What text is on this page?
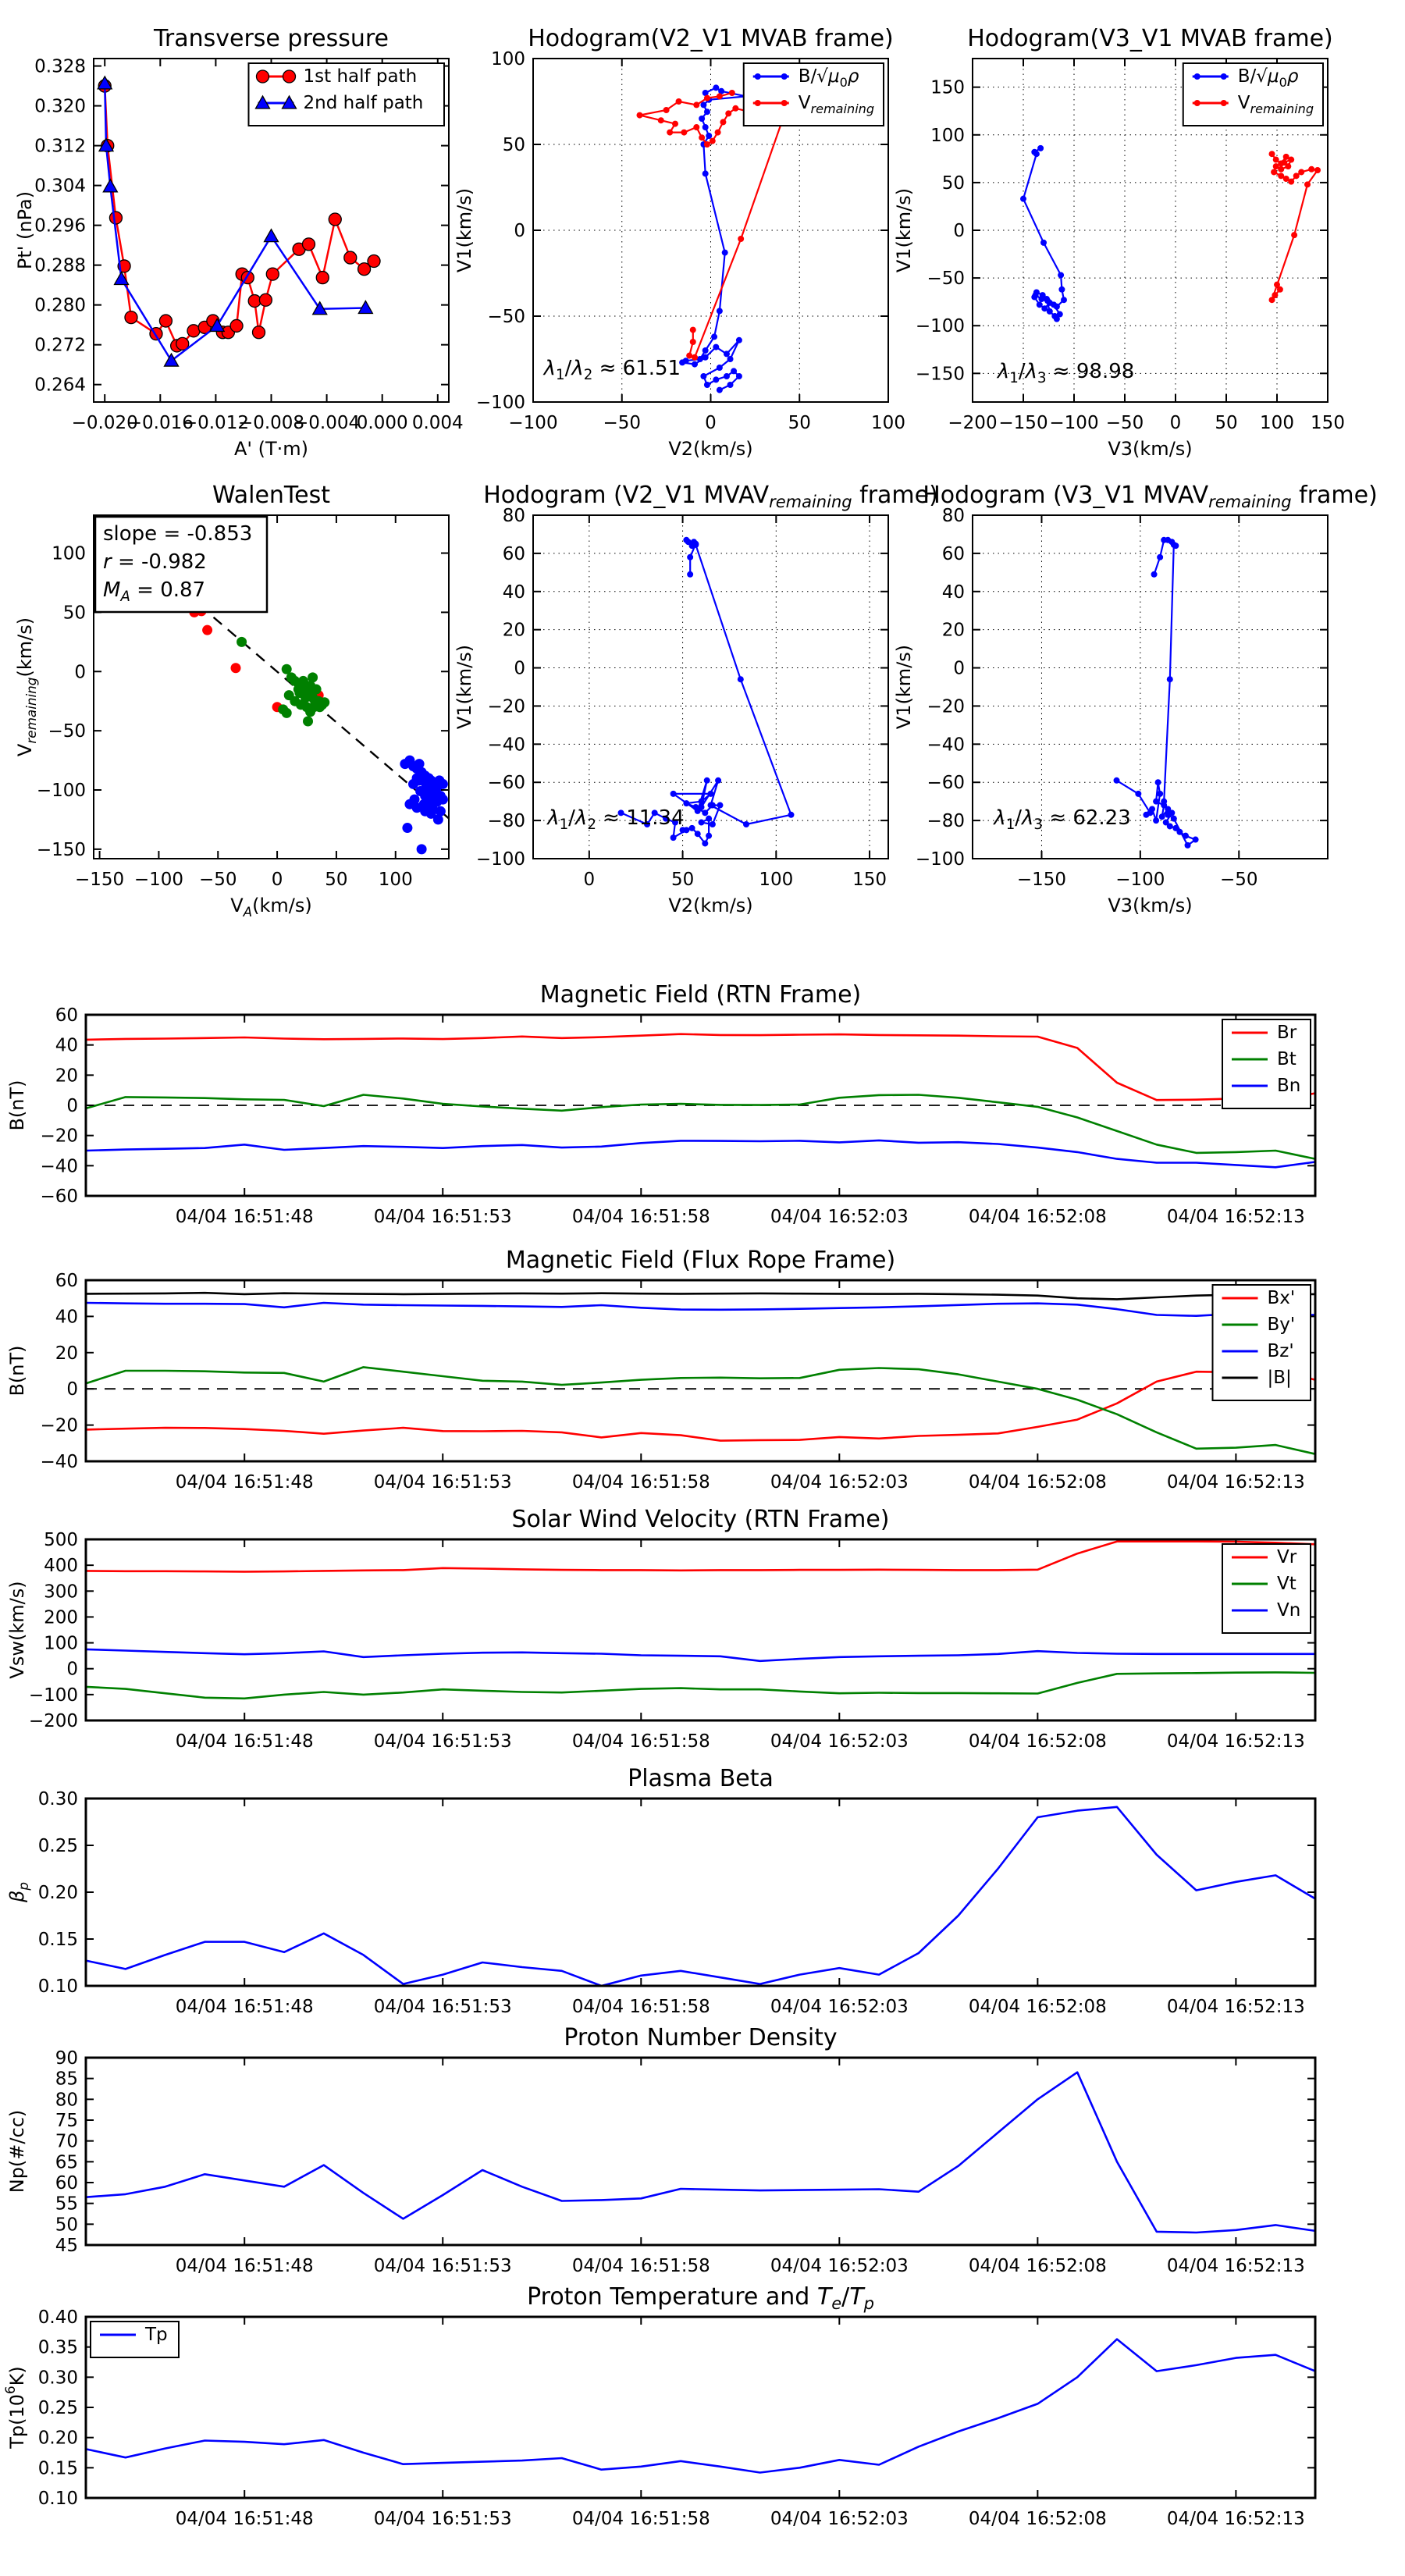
−0.020
−0.016
−0.012
−0.008
−0.004
0.000 0.004
0.264
0.272
0.280
0.288
0.296
0.304
0.312
0.320
0.328
Transverse pressure
A' (T·m)
Pt' (nPa)
1st half path
2nd half path
−100	−50	0	50	100
−100
−50
0
50
100
Hodogram(V2_V1 MVAB frame)
V2(km/s)
V1(km/s)
$B/√\mu_0\rho$
$V_{remaining}$
$\lambda_1/\lambda_2 \approx 61.51$
−200 −150 −100 −50 0 50 100 150
−150
−100
−50
0
50
100
150
Hodogram(V3_V1 MVAB frame)
V3(km/s)
V1(km/s)
$B/√\mu_0\rho$
$V_{remaining}$
$\lambda_1/\lambda_3 \approx 98.98$
−150 −100 −50 0 50 100
−150
−100
−50
0
50
100
WalenTest
$V_A(km/s)$
$V_{remaining}(km/s)$
slope = -0.853
r = -0.982
$M_A = 0.87$
0	50	100	150
−100
−80
−60
−40
−20
0
20
40
60
80
Hodogram (V2_V1 $MVAV_{remaining}$ frame)
V2(km/s)
V1(km/s)
$\lambda_1/\lambda_2 \approx 11.34$
−150	−100	−50
−100
−80
−60
−40
−20
0
20
40
60
80
Hodogram (V3_V1 $MVAV_{remaining}$ frame)
V3(km/s)
V1(km/s)
$\lambda_1/\lambda_3 \approx 62.23$
04/04 16:51:48	04/04 16:51:53	04/04 16:51:58	04/04 16:52:03	04/04 16:52:08	04/04 16:52:13
−60
−40
−20
0
20
40
60
Magnetic Field (RTN Frame)
B(nT)
Br
Bt
Bn
04/04 16:51:48	04/04 16:51:53	04/04 16:51:58	04/04 16:52:03	04/04 16:52:08	04/04 16:52:13
−40
−20
0
20
40
60
Magnetic Field (Flux Rope Frame)
B(nT)
Bx'
By'
Bz'
|B|
04/04 16:51:48	04/04 16:51:53	04/04 16:51:58	04/04 16:52:03	04/04 16:52:08	04/04 16:52:13
−200
−100
0
100
200
300
400
500
Solar Wind Velocity (RTN Frame)
Vsw(km/s)
Vr
Vt
Vn
04/04 16:51:48	04/04 16:51:53	04/04 16:51:58	04/04 16:52:03	04/04 16:52:08	04/04 16:52:13
0.10
0.15
0.20
0.25
0.30
Plasma Beta
$\beta_p$
04/04 16:51:48	04/04 16:51:53	04/04 16:51:58	04/04 16:52:03	04/04 16:52:08	04/04 16:52:13
45
50
55
60
65
70
75
80
85
90
Proton Number Density
Np(#/cc)
04/04 16:51:48	04/04 16:51:53	04/04 16:51:58	04/04 16:52:03	04/04 16:52:08	04/04 16:52:13
0.10
0.15
0.20
0.25
0.30
0.35
0.40
Proton Temperature and $T_e/T_p$
$Tp(10^6K)$
Tp
